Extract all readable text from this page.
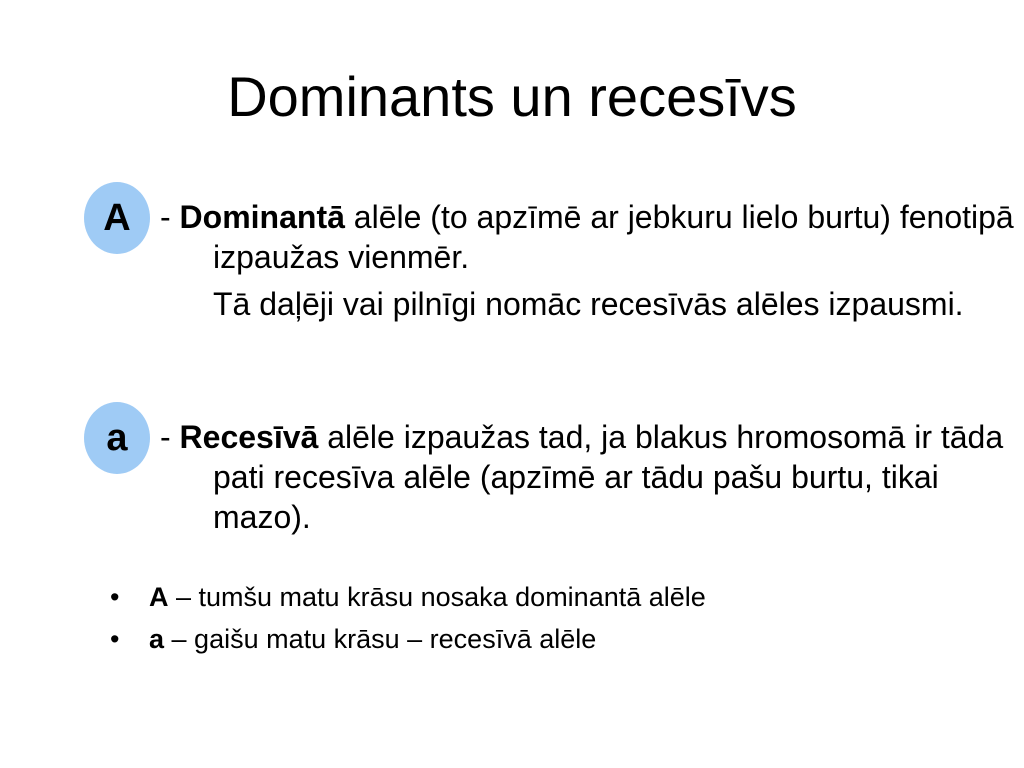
Dominants un recesīvs
A - Dominantā alēle (to apzīmē ar jebkuru lielo burtu) fenotipā izpaužas vienmēr.
Tā daļēji vai pilnīgi nomāc recesīvās alēles izpausmi.
a - Recesīvā alēle izpaužas tad, ja blakus hromosomā ir tāda pati recesīva alēle (apzīmē ar tādu pašu burtu, tikai mazo).
• A – tumšu matu krāsu nosaka dominantā alēle
• a – gaišu matu krāsu – recesīvā alēle
